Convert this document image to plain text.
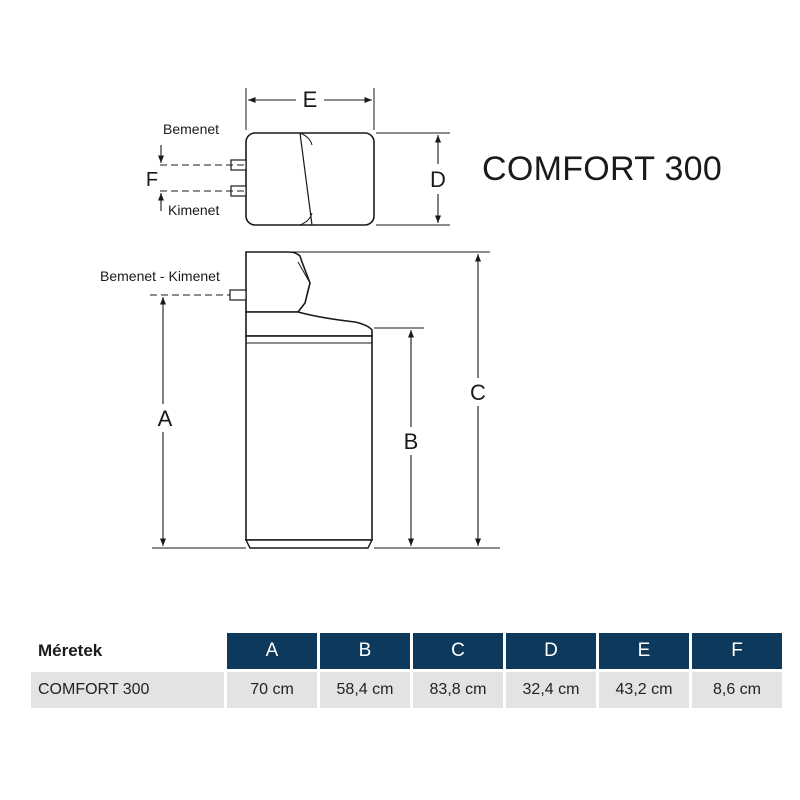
E
D
F
Bemenet
Kimenet
Bemenet - Kimenet
A
B
C
COMFORT 300
Méretek	A	B	C	D	E	F
COMFORT 300	70 cm	58,4 cm	83,8 cm	32,4 cm	43,2 cm	8,6 cm
